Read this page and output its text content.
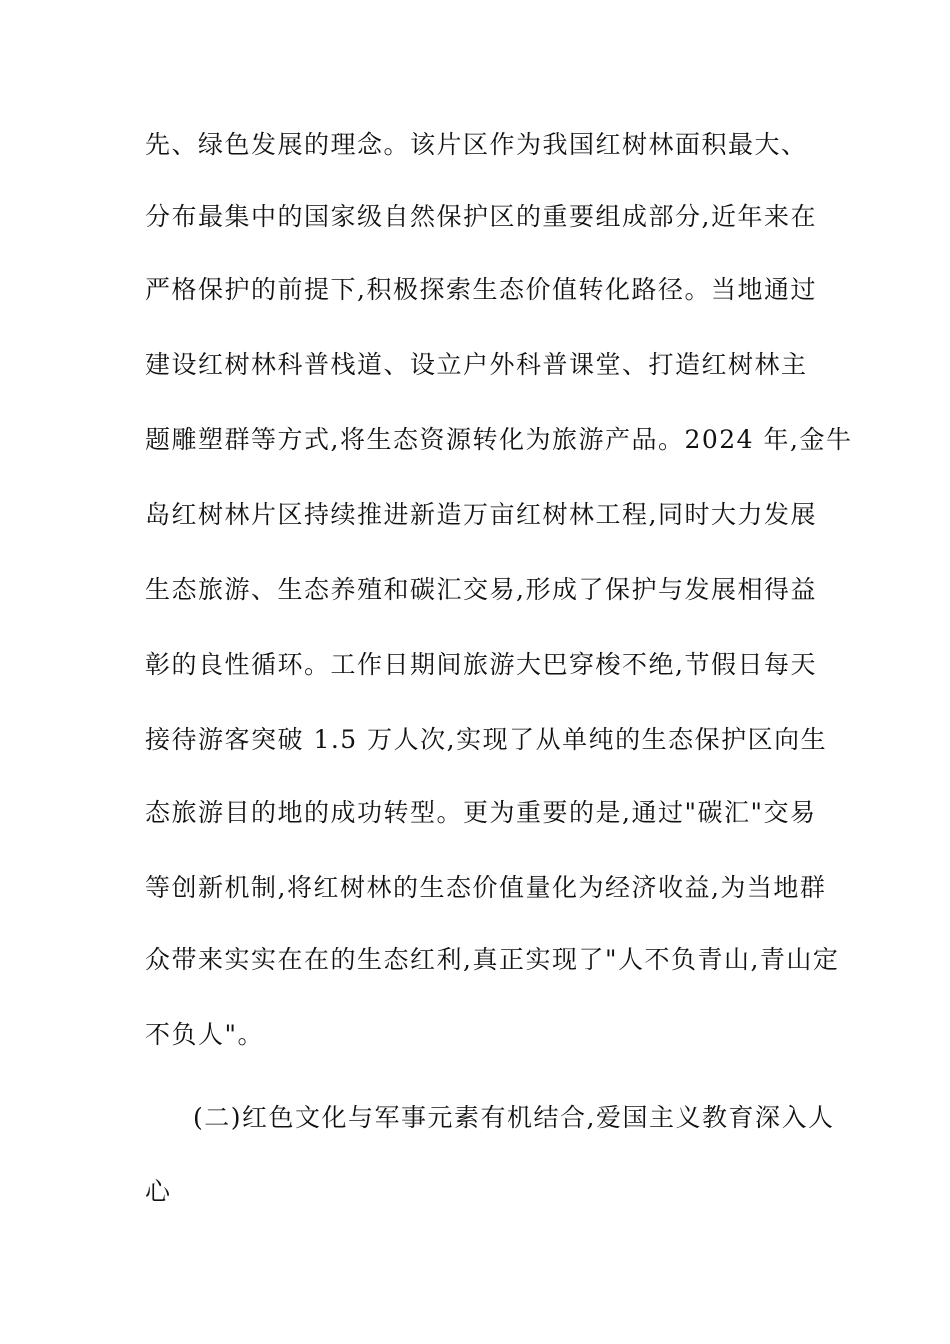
先、绿色发展的理念。该片区作为我国红树林面积最大、
分布最集中的国家级自然保护区的重要组成部分,近年来在
严格保护的前提下,积极探索生态价值转化路径。当地通过
建设红树林科普栈道、设立户外科普课堂、打造红树林主
题雕塑群等方式,将生态资源转化为旅游产品。2024 年,金牛
岛红树林片区持续推进新造万亩红树林工程,同时大力发展
生态旅游、生态养殖和碳汇交易,形成了保护与发展相得益
彰的良性循环。工作日期间旅游大巴穿梭不绝,节假日每天
接待游客突破 1.5 万人次,实现了从单纯的生态保护区向生
态旅游目的地的成功转型。更为重要的是,通过"碳汇"交易
等创新机制,将红树林的生态价值量化为经济收益,为当地群
众带来实实在在的生态红利,真正实现了"人不负青山,青山定
不负人"。
(二)红色文化与军事元素有机结合,爱国主义教育深入人
心
